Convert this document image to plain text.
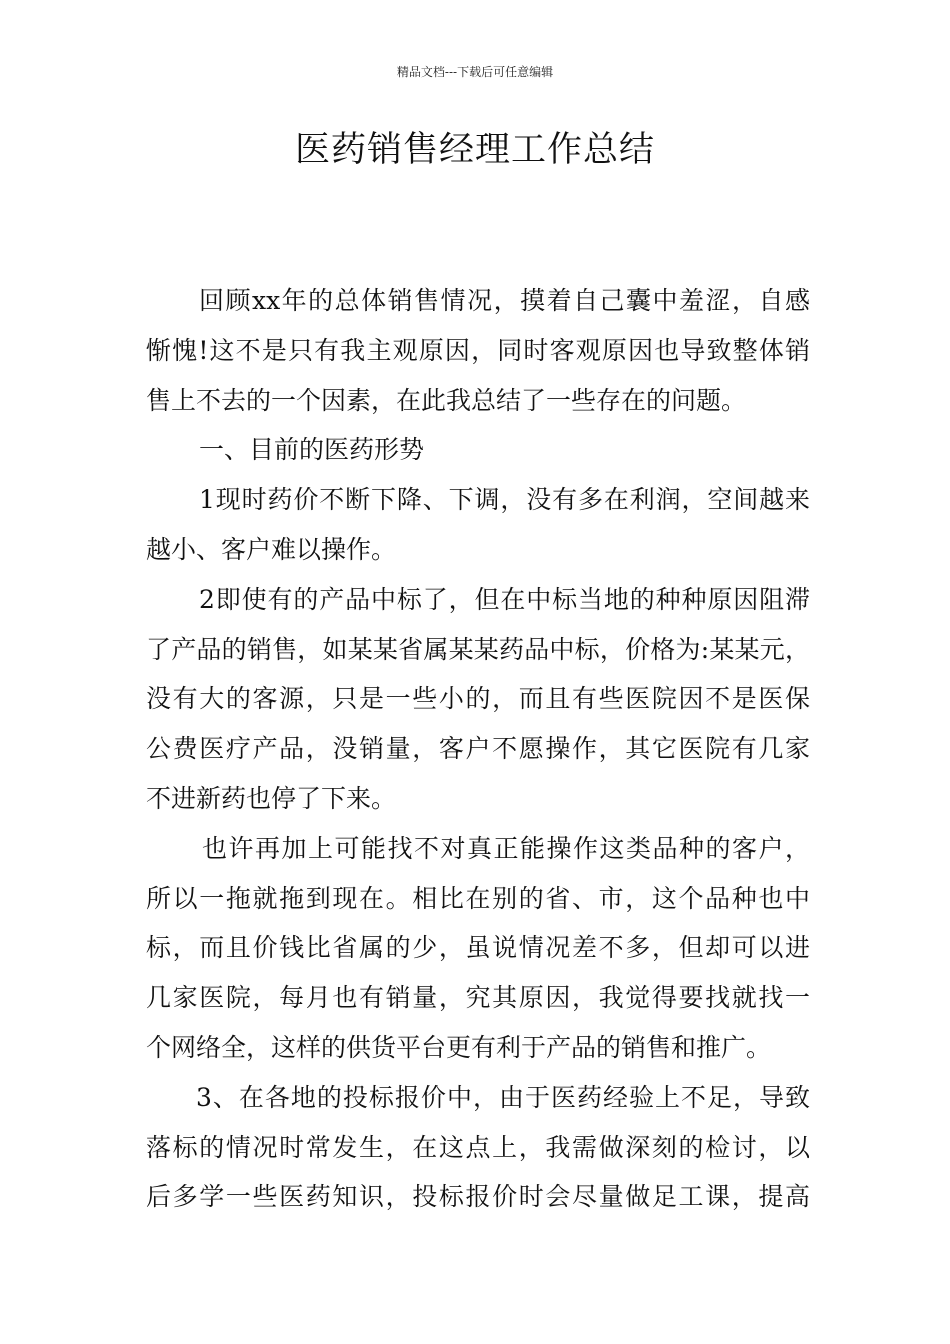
精品文档---下载后可任意编辑
医药销售经理工作总结
回顾xx年的总体销售情况，摸着自己囊中羞涩，自感
惭愧!这不是只有我主观原因，同时客观原因也导致整体销
售上不去的一个因素，在此我总结了一些存在的问题。
一、目前的医药形势
1现时药价不断下降、下调，没有多在利润，空间越来
越小、客户难以操作。
2即使有的产品中标了，但在中标当地的种种原因阻滞
了产品的销售，如某某省属某某药品中标，价格为:某某元，
没有大的客源，只是一些小的，而且有些医院因不是医保
公费医疗产品，没销量，客户不愿操作，其它医院有几家
不进新药也停了下来。
也许再加上可能找不对真正能操作这类品种的客户，
所以一拖就拖到现在。相比在别的省、市，这个品种也中
标，而且价钱比省属的少，虽说情况差不多，但却可以进
几家医院，每月也有销量，究其原因，我觉得要找就找一
个网络全，这样的供货平台更有利于产品的销售和推广。
3、在各地的投标报价中，由于医药经验上不足，导致
落标的情况时常发生，在这点上，我需做深刻的检讨，以
后多学一些医药知识，投标报价时会尽量做足工课，提高
